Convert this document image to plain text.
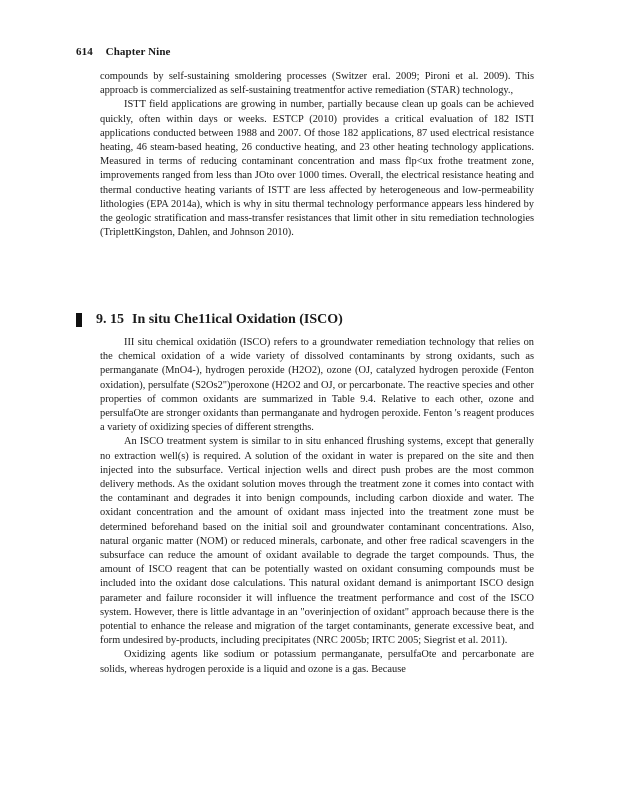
614 Chapter Nine

compounds by self-sustaining smoldering processes (Switzer eral. 2009; Pironi et al. 2009). This approacb is commercialized as self-sustaining treatmentfor active remediation (STAR) technology.,

ISTT field applications are growing in number, partially because clean up goals can be achieved quickly, often within days or weeks. ESTCP (2010) provides a critical evaluation of 182 ISTI applications conducted between 1988 and 2007. Of those 182 applications, 87 used electrical resistance heating, 46 steam-based heating, 26 conductive heating, and 23 other heating technology applications. Measured in terms of reducing contaminant concentration and mass flp<ux frothe treatment zone, improvements ranged from less than JOto over 1000 times. Overall, the electrical resistance heating and thermal conductive heating variants of ISTT are less affected by heterogeneous and low-permeability lithologies (EPA 2014a), which is why in situ thermal technology performance appears less hindered by the geologic stratification and mass-transfer resistances that limit other in situ remediation technologies (TriplettKingston, Dahlen, and Johnson 2010).

9. 15 In situ Che11ical Oxidation (ISCO)

III situ chemical oxidatiön (ISCO) refers to a groundwater remediation technology that relies on the chemical oxidation of a wide variety of dissolved contaminants by strong oxidants, such as permanganate (MnO4-), hydrogen peroxide (H2O2), ozone (OJ, catalyzed hydrogen peroxide (Fenton oxidation), persulfate (S2Os2")peroxone (H2O2 and OJ, or percarbonate. The reactive species and other properties of common oxidants are summarized in Table 9.4. Relative to each other, ozone and persulfaOte are stronger oxidants than permanganate and hydrogen peroxide. Fenton 's reagent produces a variety of oxidizing species of different strengths.

An ISCO treatment system is similar to in situ enhanced flrushing systems, except that generally no extraction well(s) is required. A solution of the oxidant in water is prepared on the site and then injected into the subsurface. Vertical injection wells and direct push probes are the most common delivery methods. As the oxidant solution moves through the treatment zone it comes into contact with the contaminant and degrades it into benign compounds, including carbon dioxide and water. The oxidant concentration and the amount of oxidant mass injected into the treatment zone must be determined beforehand based on the initial soil and groundwater contaminant concentrations. Also, natural organic matter (NOM) or reduced minerals, carbonate, and other free radical scavengers in the subsurface can reduce the amount of oxidant available to degrade the target compounds. Thus, the amount of ISCO reagent that can be potentially wasted on oxidant consuming compounds must be included into the oxidant dose calculations. This natural oxidant demand is animportant ISCO design parameter and failure roconsider it will influence the treatment performance and cost of the ISCO system. However, there is little advantage in an "overinjection of oxidant" approach because there is the potential to enhance the release and migration of the target contaminants, generate excessive beat, and form undesired by-products, including precipitates (NRC 2005b; IRTC 2005; Siegrist et al. 2011).

Oxidizing agents like sodium or potassium permanganate, persulfaOte and percarbonate are solids, whereas hydrogen peroxide is a liquid and ozone is a gas. Because
